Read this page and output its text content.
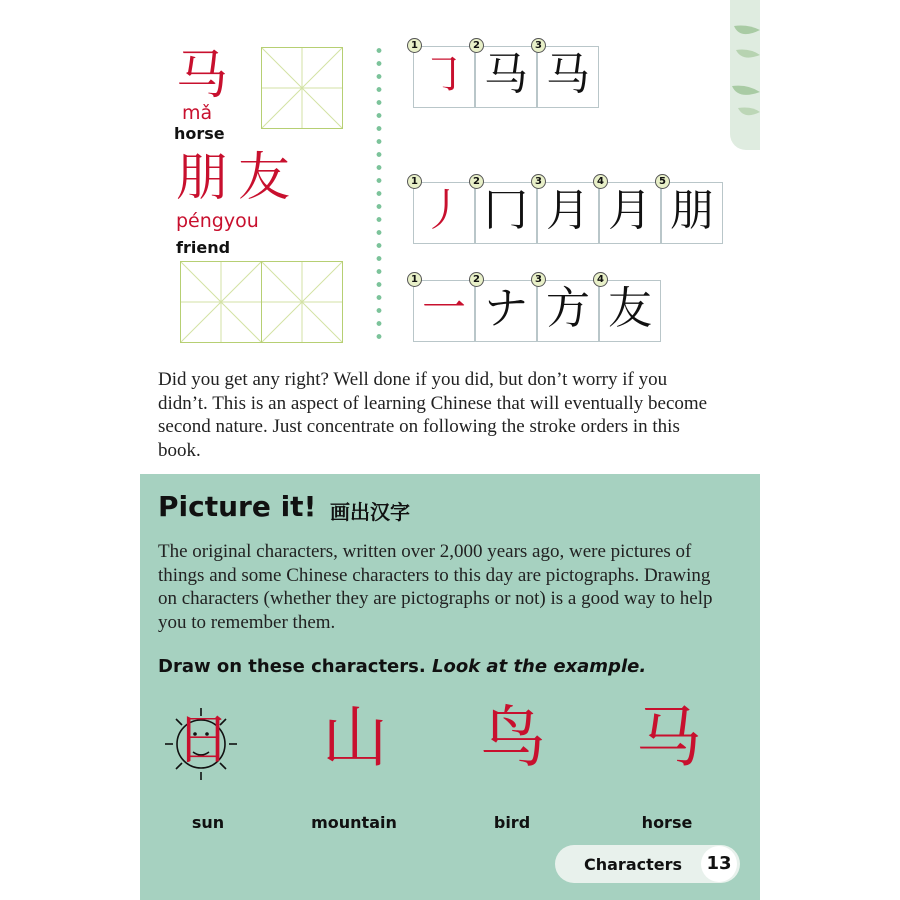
马
mǎ
horse
朋 友
péngyou
friend
1
㇆
2
马
3
马
1
丿
2
冂
3
月
4
月
5
朋
1
一
2
ナ
3
方
4
友
Did you get any right? Well done if you did, but don’t worry if you didn’t. This is an aspect of learning Chinese that will eventually become second nature. Just concentrate on following the stroke orders in this book.
Picture it! 画出汉字
The original characters, written over 2,000 years ago, were pictures of things and some Chinese characters to this day are pictographs. Drawing on characters (whether they are pictographs or not) is a good way to help you to remember them.
Draw on these characters. Look at the example.
日 山 鸟 马
sun	mountain	bird	horse
Characters	13
